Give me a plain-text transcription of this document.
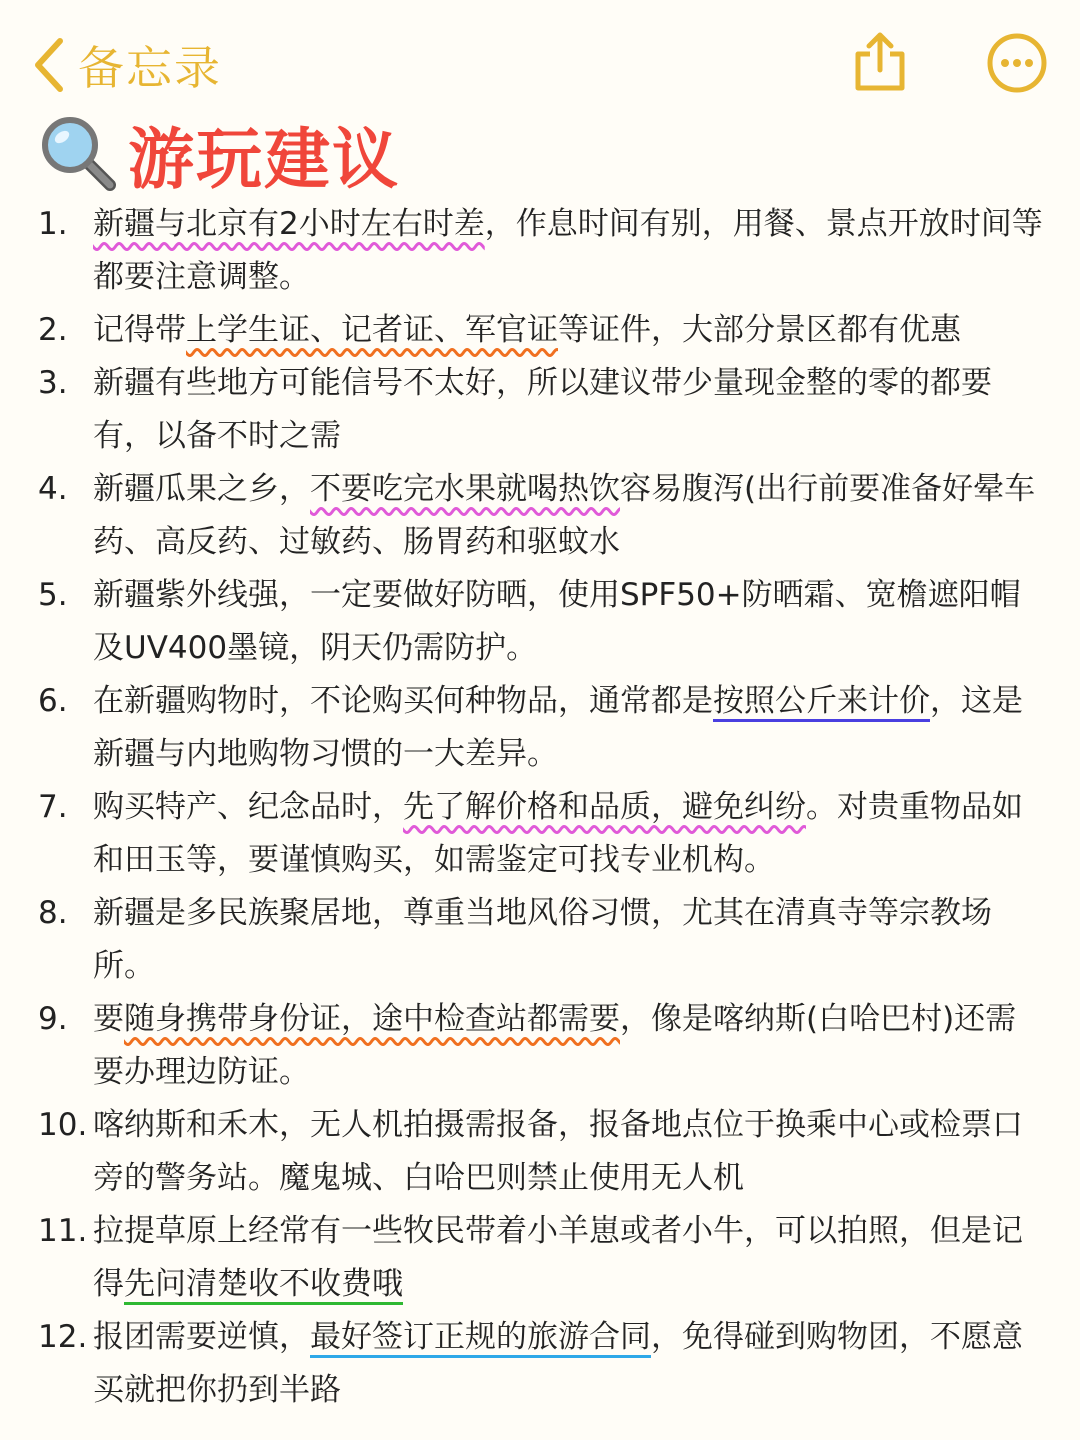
备忘录
游玩建议
1. 新疆与北京有2小时左右时差，作息时间有别，用餐、景点开放时间等都要注意调整。
2. 记得带上学生证、记者证、军官证等证件，大部分景区都有优惠
3. 新疆有些地方可能信号不太好，所以建议带少量现金整的零的都要有，以备不时之需
4. 新疆瓜果之乡，不要吃完水果就喝热饮容易腹泻(出行前要准备好晕车药、高反药、过敏药、肠胃药和驱蚊水
5. 新疆紫外线强，一定要做好防晒，使用SPF50+防晒霜、宽檐遮阳帽及UV400墨镜，阴天仍需防护。
6. 在新疆购物时，不论购买何种物品，通常都是按照公斤来计价，这是新疆与内地购物习惯的一大差异。
7. 购买特产、纪念品时，先了解价格和品质，避免纠纷。对贵重物品如和田玉等，要谨慎购买，如需鉴定可找专业机构。
8. 新疆是多民族聚居地，尊重当地风俗习惯，尤其在清真寺等宗教场所。
9. 要随身携带身份证，途中检查站都需要，像是喀纳斯(白哈巴村)还需要办理边防证。
10. 喀纳斯和禾木，无人机拍摄需报备，报备地点位于换乘中心或检票口旁的警务站。魔鬼城、白哈巴则禁止使用无人机
11. 拉提草原上经常有一些牧民带着小羊崽或者小牛，可以拍照，但是记得先问清楚收不收费哦
12. 报团需要逆慎，最好签订正规的旅游合同，免得碰到购物团，不愿意买就把你扔到半路
